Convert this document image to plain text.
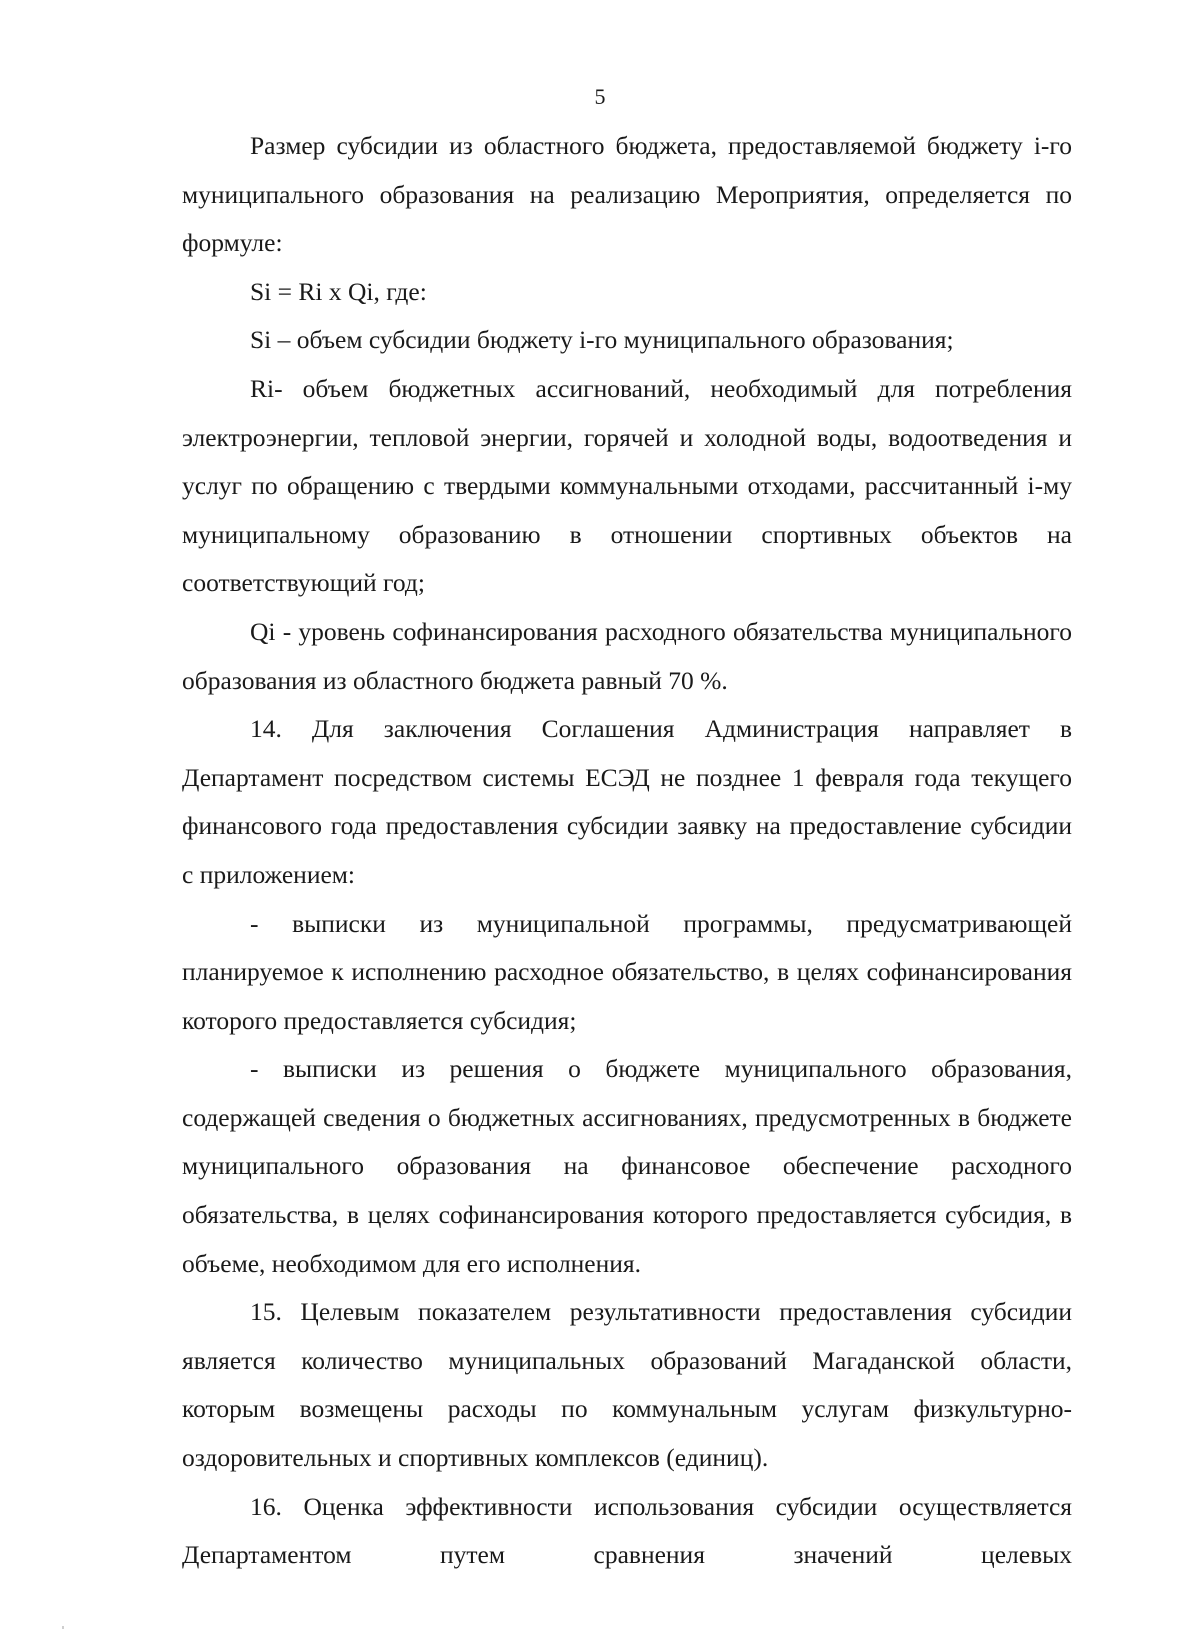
5

Размер субсидии из областного бюджета, предоставляемой бюджету i-го муниципального образования на реализацию Мероприятия, определяется по формуле:

Si = Ri x Qi, где:

Si – объем субсидии бюджету i-го муниципального образования;

Ri- объем бюджетных ассигнований, необходимый для потребления электроэнергии, тепловой энергии, горячей и холодной воды, водоотведения и услуг по обращению с твердыми коммунальными отходами, рассчитанный i-му муниципальному образованию в отношении спортивных объектов на соответствующий год;

Qi - уровень софинансирования расходного обязательства муниципального образования из областного бюджета равный 70 %.

14. Для заключения Соглашения Администрация направляет в Департамент посредством системы ЕСЭД не позднее 1 февраля года текущего финансового года предоставления субсидии заявку на предоставление субсидии с приложением:

- выписки из муниципальной программы, предусматривающей планируемое к исполнению расходное обязательство, в целях софинансирования которого предоставляется субсидия;

- выписки из решения о бюджете муниципального образования, содержащей сведения о бюджетных ассигнованиях, предусмотренных в бюджете муниципального образования на финансовое обеспечение расходного обязательства, в целях софинансирования которого предоставляется субсидия, в объеме, необходимом для его исполнения.

15. Целевым показателем результативности предоставления субсидии является количество муниципальных образований Магаданской области, которым возмещены расходы по коммунальным услугам физкультурно-оздоровительных и спортивных комплексов (единиц).

16. Оценка эффективности использования субсидии осуществляется Департаментом путем сравнения значений целевых
